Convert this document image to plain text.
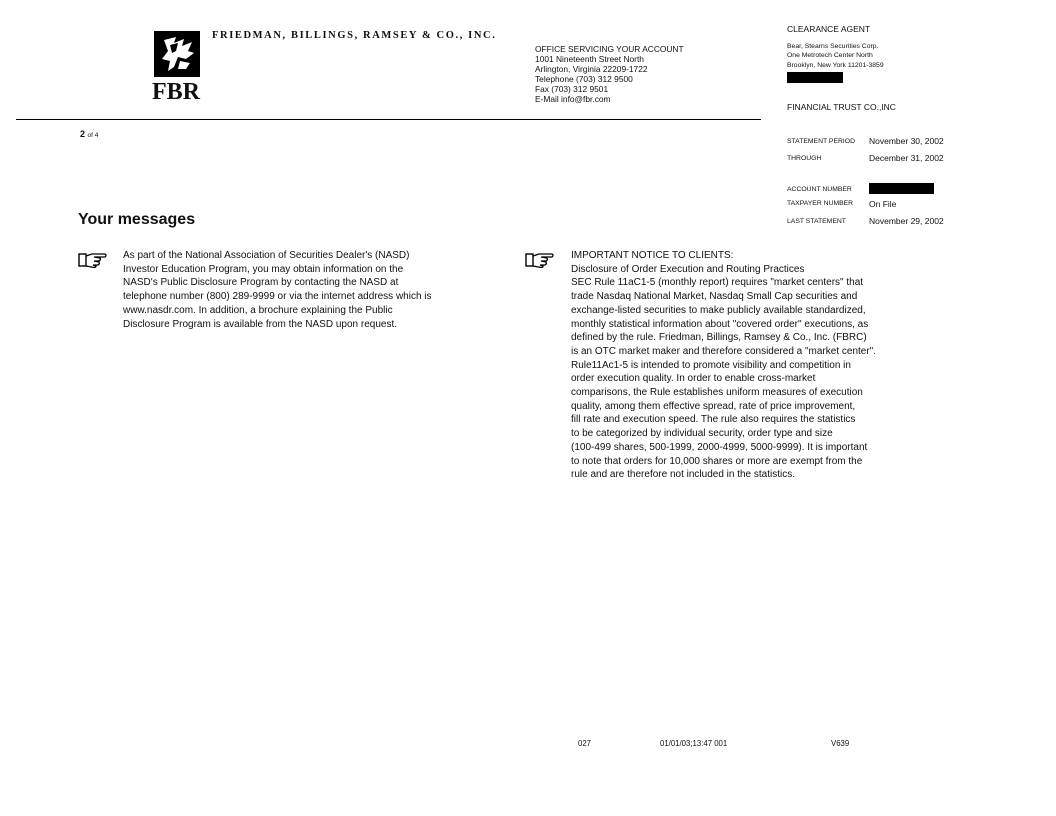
FRIEDMAN, BILLINGS, RAMSEY & CO., INC.
FBR
OFFICE SERVICING YOUR ACCOUNT
1001 Nineteenth Street North
Arlington, Virginia 22209-1722
Telephone (703) 312 9500
Fax (703) 312 9501
E-Mail info@fbr.com
CLEARANCE AGENT
Bear, Stearns Securities Corp.
One Metrotech Center North
Brooklyn, New York 11201-3859
FINANCIAL TRUST CO.,INC
2 of 4
STATEMENT PERIOD November 30, 2002
THROUGH	December 31, 2002
ACCOUNT NUMBER
TAXPAYER NUMBER On File
LAST STATEMENT	November 29, 2002
Your messages
As part of the National Association of Securities Dealer's (NASD)
Investor Education Program, you may obtain information on the
NASD's Public Disclosure Program by contacting the NASD at
telephone number (800) 289-9999 or via the internet address which is
www.nasdr.com. In addition, a brochure explaining the Public
Disclosure Program is available from the NASD upon request.
IMPORTANT NOTICE TO CLIENTS:
Disclosure of Order Execution and Routing Practices
SEC Rule 11aC1-5 (monthly report) requires "market centers" that
trade Nasdaq National Market, Nasdaq Small Cap securities and
exchange-listed securities to make publicly available standardized,
monthly statistical information about "covered order" executions, as
defined by the rule. Friedman, Billings, Ramsey & Co., Inc. (FBRC)
is an OTC market maker and therefore considered a "market center".
Rule11Ac1-5 is intended to promote visibility and competition in
order execution quality. In order to enable cross-market
comparisons, the Rule establishes uniform measures of execution
quality, among them effective spread, rate of price improvement,
fill rate and execution speed. The rule also requires the statistics
to be categorized by individual security, order type and size
(100-499 shares, 500-1999, 2000-4999, 5000-9999). It is important
to note that orders for 10,000 shares or more are exempt from the
rule and are therefore not included in the statistics.
027	01/01/03;13:47 001	V639
